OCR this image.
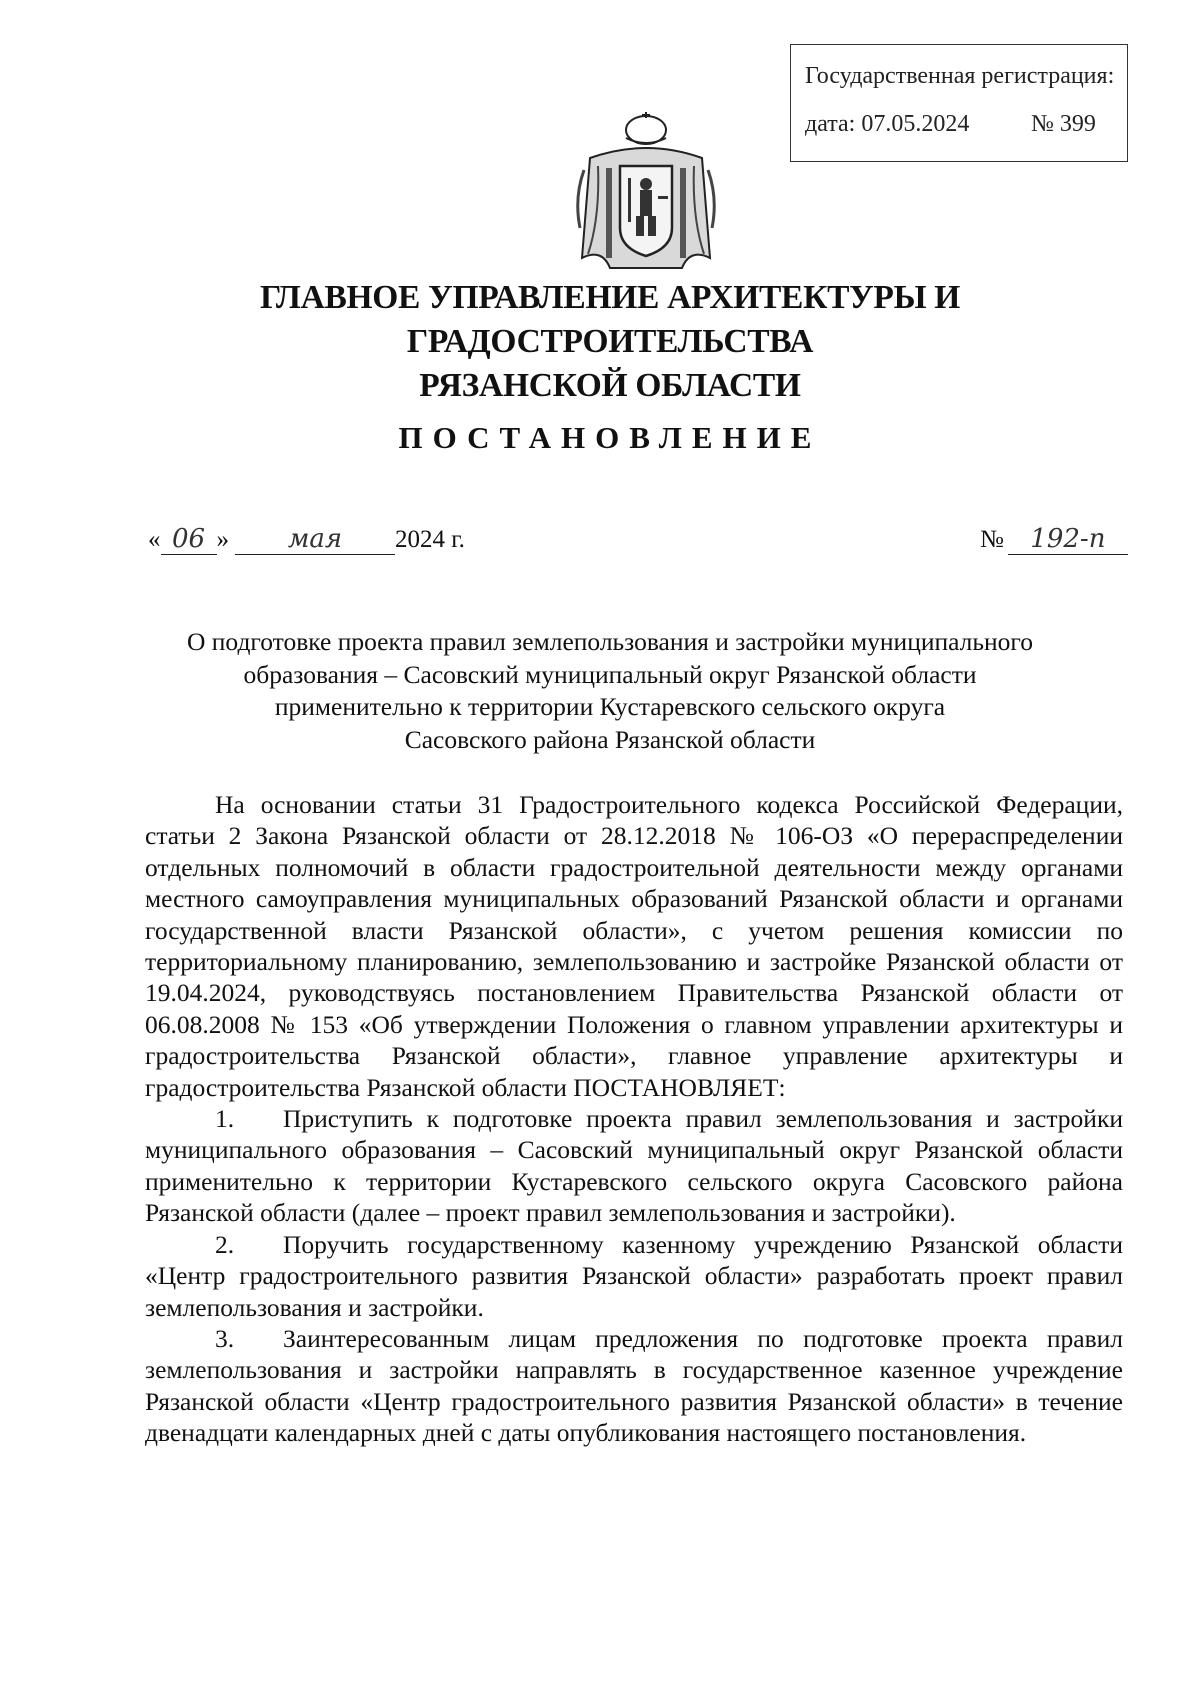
Государственная регистрация:
дата: 07.05.2024	№ 399
ГЛАВНОЕ УПРАВЛЕНИЕ АРХИТЕКТУРЫ И ГРАДОСТРОИТЕЛЬСТВА
РЯЗАНСКОЙ ОБЛАСТИ
ПОСТАНОВЛЕНИЕ
« 06 » мая 2024 г.	№ 192-п
О подготовке проекта правил землепользования и застройки муниципального
образования – Сасовский муниципальный округ Рязанской области
применительно к территории Кустаревского сельского округа
Сасовского района Рязанской области

На основании статьи 31 Градостроительного кодекса Российской Федерации, статьи 2 Закона Рязанской области от 28.12.2018 № 106-ОЗ «О перераспределении отдельных полномочий в области градостроительной деятельности между органами местного самоуправления муниципальных образований Рязанской области и органами государственной власти Рязанской области», с учетом решения комиссии по территориальному планированию, землепользованию и застройке Рязанской области от 19.04.2024, руководствуясь постановлением Правительства Рязанской области от 06.08.2008 № 153 «Об утверждении Положения о главном управлении архитектуры и градостроительства Рязанской области», главное управление архитектуры и градостроительства Рязанской области ПОСТАНОВЛЯЕТ:

1. Приступить к подготовке проекта правил землепользования и застройки муниципального образования – Сасовский муниципальный округ Рязанской области применительно к территории Кустаревского сельского округа Сасовского района Рязанской области (далее – проект правил землепользования и застройки).
2. Поручить государственному казенному учреждению Рязанской области «Центр градостроительного развития Рязанской области» разработать проект правил землепользования и застройки.
3. Заинтересованным лицам предложения по подготовке проекта правил землепользования и застройки направлять в государственное казенное учреждение Рязанской области «Центр градостроительного развития Рязанской области» в течение двенадцати календарных дней с даты опубликования настоящего постановления.
